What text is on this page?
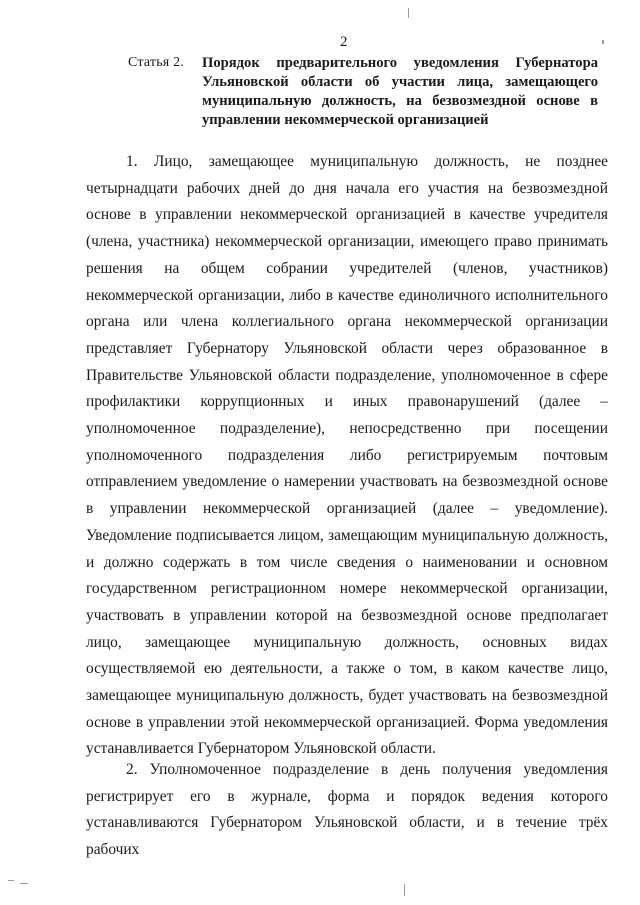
2
Статья 2. Порядок предварительного уведомления Губернатора Ульяновской области об участии лица, замещающего муниципальную должность, на безвозмездной основе в управлении некоммерческой организацией

1. Лицо, замещающее муниципальную должность, не позднее четырнадцати рабочих дней до дня начала его участия на безвозмездной основе в управлении некоммерческой организацией в качестве учредителя (члена, участника) некоммерческой организации, имеющего право принимать решения на общем собрании учредителей (членов, участников) некоммерческой организации, либо в качестве единоличного исполнительного органа или члена коллегиального органа некоммерческой организации представляет Губернатору Ульяновской области через образованное в Правительстве Ульяновской области подразделение, уполномоченное в сфере профилактики коррупционных и иных правонарушений (далее – уполномоченное подразделение), непосредственно при посещении уполномоченного подразделения либо регистрируемым почтовым отправлением уведомление о намерении участвовать на безвозмездной основе в управлении некоммерческой организацией (далее – уведомление). Уведомление подписывается лицом, замещающим муниципальную должность, и должно содержать в том числе сведения о наименовании и основном государственном регистрационном номере некоммерческой организации, участвовать в управлении которой на безвозмездной основе предполагает лицо, замещающее муниципальную должность, основных видах осуществляемой ею деятельности, а также о том, в каком качестве лицо, замещающее муниципальную должность, будет участвовать на безвозмездной основе в управлении этой некоммерческой организацией. Форма уведомления устанавливается Губернатором Ульяновской области.

2. Уполномоченное подразделение в день получения уведомления регистрирует его в журнале, форма и порядок ведения которого устанавливаются Губернатором Ульяновской области, и в течение трёх рабочих
